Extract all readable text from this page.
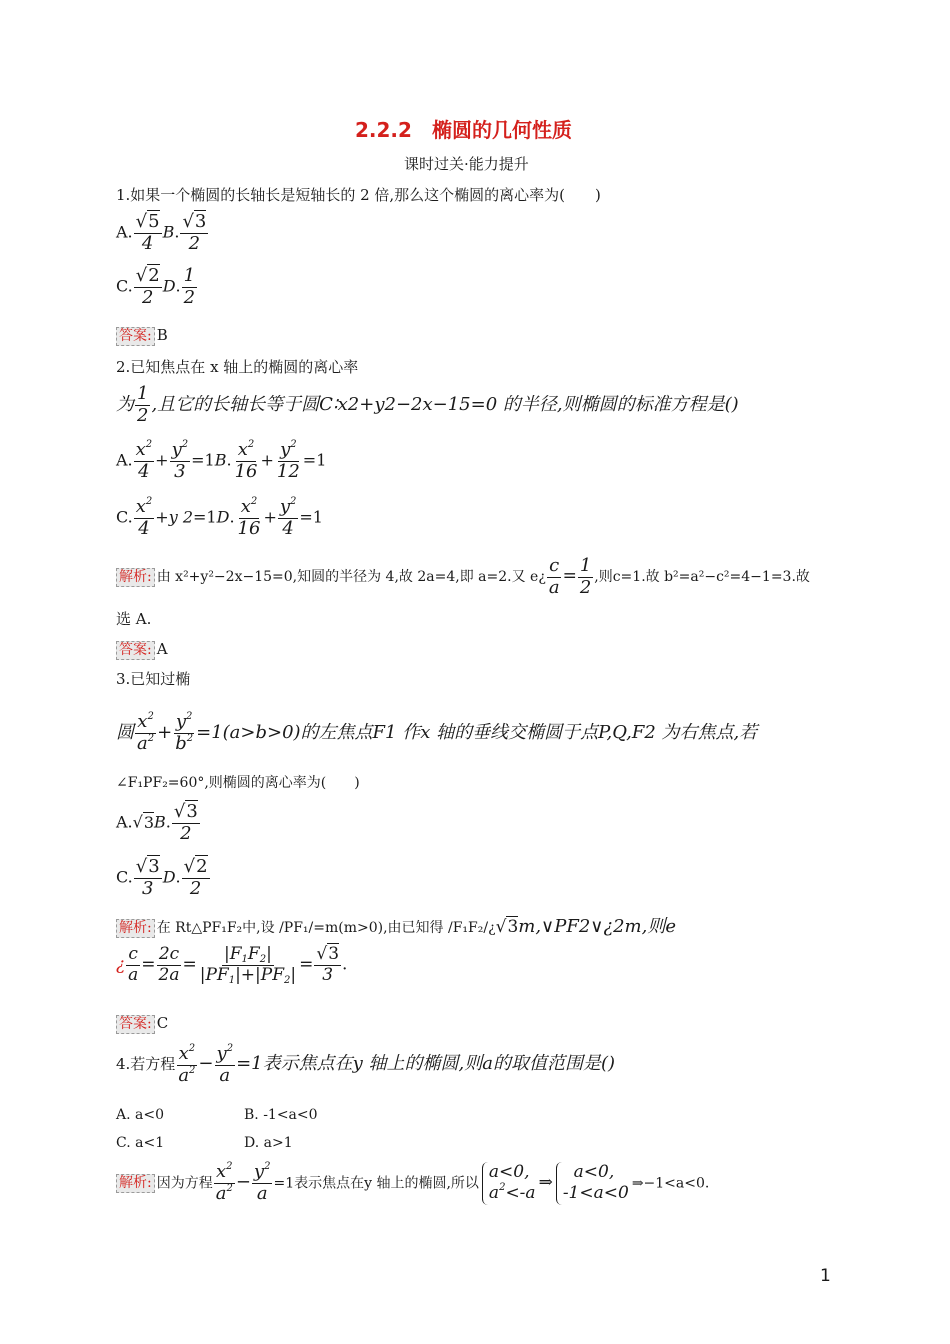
2.2.2　椭圆的几何性质
课时过关·能力提升
1.如果一个椭圆的长轴长是短轴长的 2 倍,那么这个椭圆的离心率为(　　)
A. $\frac{√5}{4} B$. $\frac{√3}{2}$
C. $\frac{√2}{2} D$. $\frac{1}{2}$
答案: B
2.已知焦点在 x 轴上的椭圆的离心率
为 $\frac{1}{2}$ ,且它的长轴长等于圆C∶x2+y2−2x−15=0 的半径,则椭圆的标准方程是()
A. $\frac{x^2}{4} + \frac{y^2}{3} =1B$. $\frac{x^2}{16} + \frac{y^2}{12} =1$
C. $\frac{x^2}{4} +y$ 2=1D. $\frac{x^2}{16} + \frac{y^2}{4} =1$
解析: 由 x²+y²−2x−15=0,知圆的半径为 4,故 2a=4,即 a=2.又 e¿ $\frac{c}{a} = \frac{1}{2}$ ,则c=1.故 b²=a²−c²=4−1=3.故
选 A.
答案: A
3.已知过椭
圆 $\frac{x^2}{a^2} + \frac{y^2}{b^2} =1(a>b>0)$的左焦点F1 作x 轴的垂线交椭圆于点P,Q,F2 为右焦点,若
∠F₁PF₂=60°,则椭圆的离心率为(　　)
A.√3B. $\frac{√3}{2}$
C. $\frac{√3}{3} D$. $\frac{√2}{2}$
解析: 在 Rt△PF₁F₂中,设 /PF₁/=m(m>0),由已知得 /F₁F₂/¿√3m,∨PF2∨¿2m,则e
¿ $\frac{c}{a} = \frac{2c}{2a} = \frac{|F_1F_2|}{|PF_1|+|PF_2|} = \frac{√3}{3}$ .
答案: C
4.若方程 $\frac{x^2}{a^2} - \frac{y^2}{a} =1$表示焦点在y 轴上的椭圆,则a的取值范围是()
A. a<0	B. -1<a<0
C. a<1	D. a>1
解析: 因为方程 $\frac{x^2}{a^2} - \frac{y^2}{a} =1$表示焦点在y 轴上的椭圆,所以
a<0,
$a^2<-a$
⇒
a<0,
-1<a<0 ⇒−1<a<0.
1
